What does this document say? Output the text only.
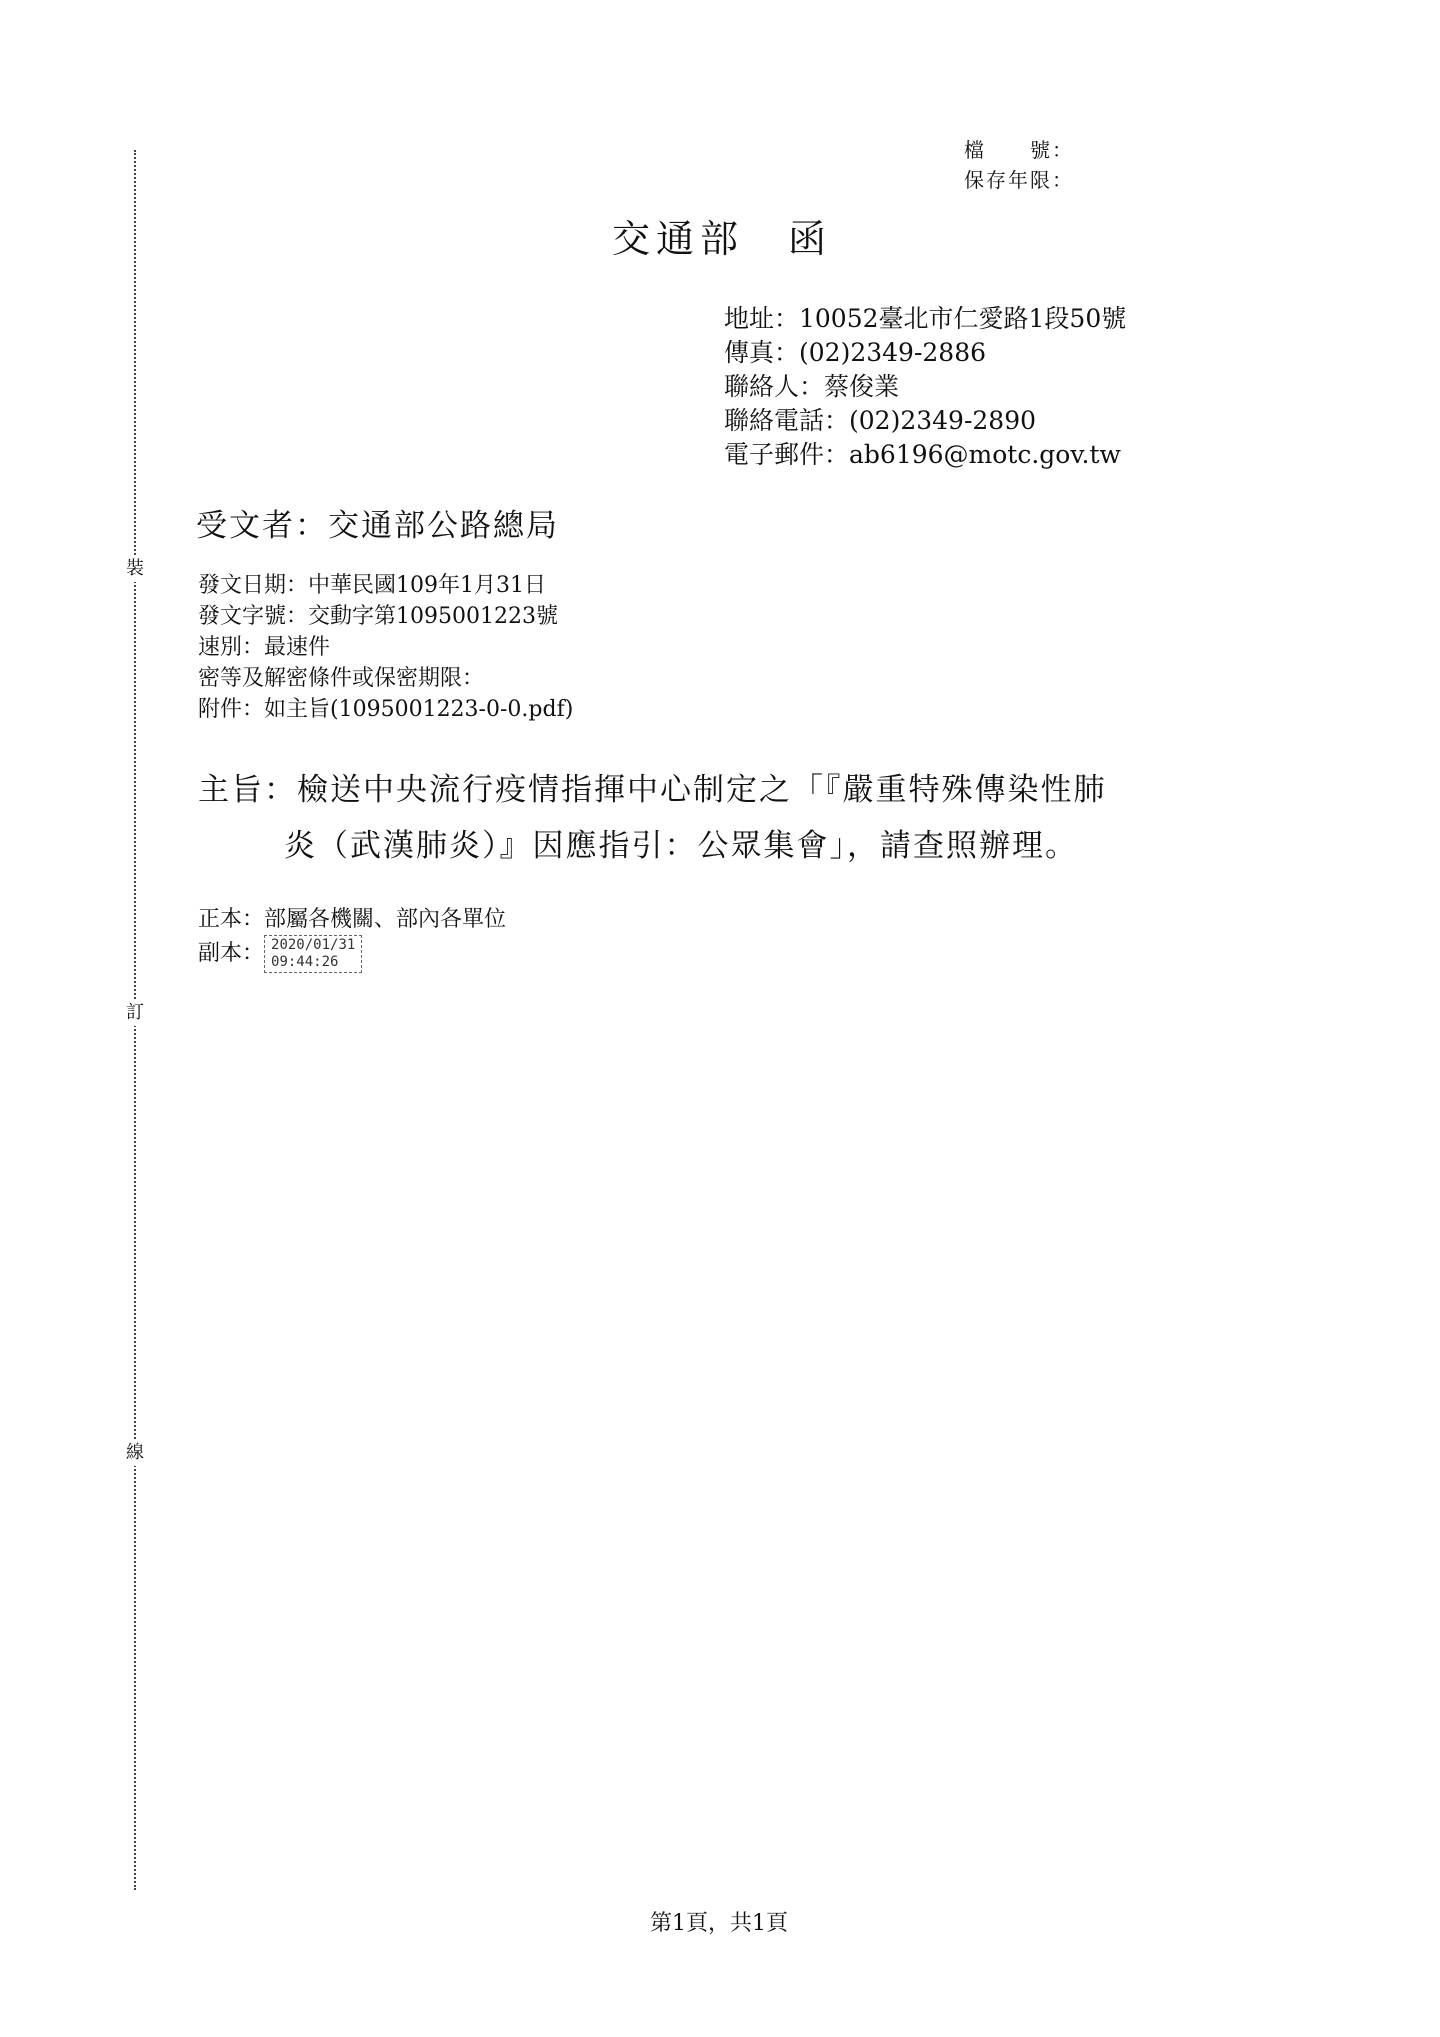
裝
訂
線
檔　　號：
保存年限：
交通部　函
地址：10052臺北市仁愛路1段50號
傳真：(02)2349-2886
聯絡人：蔡俊業
聯絡電話：(02)2349-2890
電子郵件：ab6196@motc.gov.tw
受文者：交通部公路總局
發文日期：中華民國109年1月31日
發文字號：交動字第1095001223號
速別：最速件
密等及解密條件或保密期限：
附件：如主旨(1095001223-0-0.pdf)
主旨：檢送中央流行疫情指揮中心制定之「『嚴重特殊傳染性肺
炎（武漢肺炎）』因應指引：公眾集會」，請查照辦理。
正本：部屬各機關、部內各單位
副本： 2020/01/31
09:44:26
第1頁，共1頁
